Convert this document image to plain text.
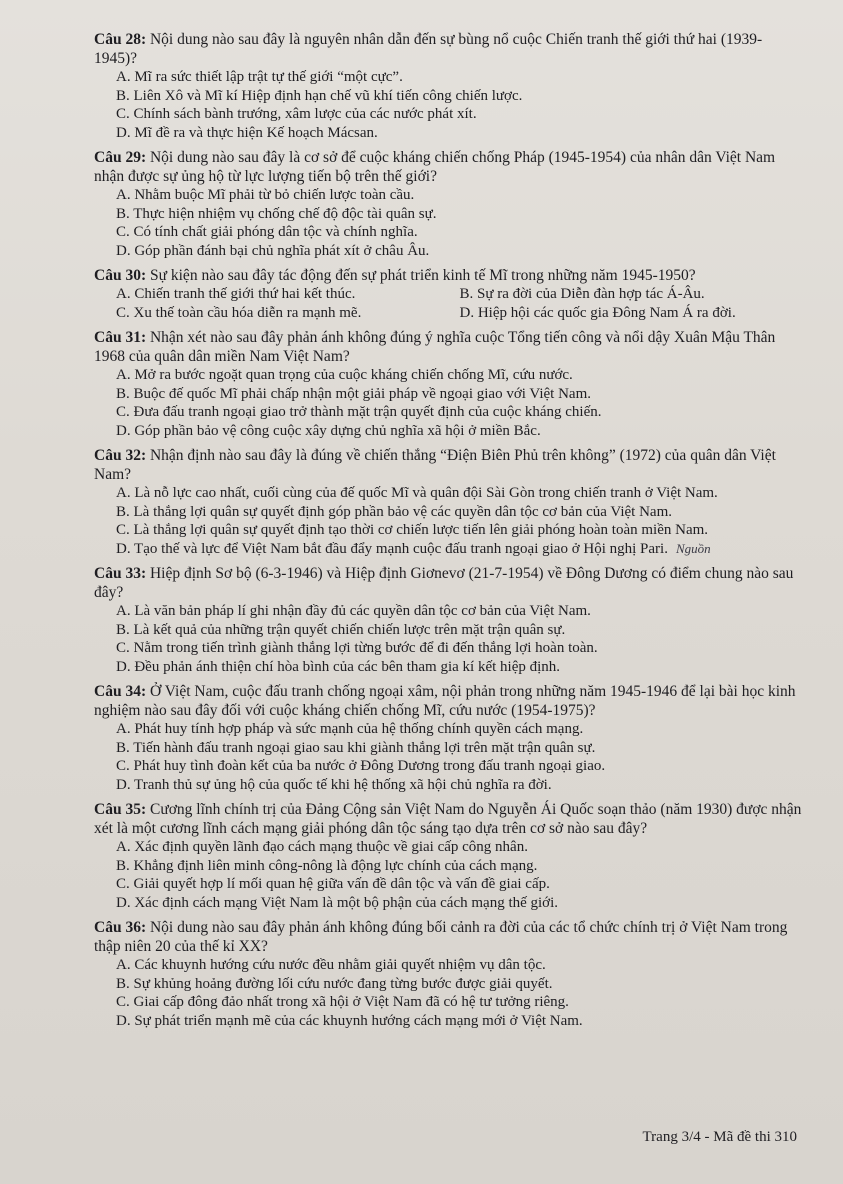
Câu 28: Nội dung nào sau đây là nguyên nhân dẫn đến sự bùng nổ cuộc Chiến tranh thế giới thứ hai (1939-1945)?

A. Mĩ ra sức thiết lập trật tự thế giới “một cực”.

B. Liên Xô và Mĩ kí Hiệp định hạn chế vũ khí tiến công chiến lược.

C. Chính sách bành trướng, xâm lược của các nước phát xít.

D. Mĩ đề ra và thực hiện Kế hoạch Mácsan.

Câu 29: Nội dung nào sau đây là cơ sở để cuộc kháng chiến chống Pháp (1945-1954) của nhân dân Việt Nam nhận được sự ủng hộ từ lực lượng tiến bộ trên thế giới?

A. Nhằm buộc Mĩ phải từ bỏ chiến lược toàn cầu.

B. Thực hiện nhiệm vụ chống chế độ độc tài quân sự.

C. Có tính chất giải phóng dân tộc và chính nghĩa.

D. Góp phần đánh bại chủ nghĩa phát xít ở châu Âu.

Câu 30: Sự kiện nào sau đây tác động đến sự phát triển kinh tế Mĩ trong những năm 1945-1950?

A. Chiến tranh thế giới thứ hai kết thúc.	B. Sự ra đời của Diễn đàn hợp tác Á-Âu.

C. Xu thế toàn cầu hóa diễn ra mạnh mẽ.	D. Hiệp hội các quốc gia Đông Nam Á ra đời.

Câu 31: Nhận xét nào sau đây phản ánh không đúng ý nghĩa cuộc Tổng tiến công và nổi dậy Xuân Mậu Thân 1968 của quân dân miền Nam Việt Nam?

A. Mở ra bước ngoặt quan trọng của cuộc kháng chiến chống Mĩ, cứu nước.

B. Buộc đế quốc Mĩ phải chấp nhận một giải pháp về ngoại giao với Việt Nam.

C. Đưa đấu tranh ngoại giao trở thành mặt trận quyết định của cuộc kháng chiến.

D. Góp phần bảo vệ công cuộc xây dựng chủ nghĩa xã hội ở miền Bắc.

Câu 32: Nhận định nào sau đây là đúng về chiến thắng “Điện Biên Phủ trên không” (1972) của quân dân Việt Nam?

A. Là nỗ lực cao nhất, cuối cùng của đế quốc Mĩ và quân đội Sài Gòn trong chiến tranh ở Việt Nam.

B. Là thắng lợi quân sự quyết định góp phần bảo vệ các quyền dân tộc cơ bản của Việt Nam.

C. Là thắng lợi quân sự quyết định tạo thời cơ chiến lược tiến lên giải phóng hoàn toàn miền Nam.

D. Tạo thế và lực để Việt Nam bắt đầu đẩy mạnh cuộc đấu tranh ngoại giao ở Hội nghị Pari. Nguồn

Câu 33: Hiệp định Sơ bộ (6-3-1946) và Hiệp định Giơnevơ (21-7-1954) về Đông Dương có điểm chung nào sau đây?

A. Là văn bản pháp lí ghi nhận đầy đủ các quyền dân tộc cơ bản của Việt Nam.

B. Là kết quả của những trận quyết chiến chiến lược trên mặt trận quân sự.

C. Nằm trong tiến trình giành thắng lợi từng bước để đi đến thắng lợi hoàn toàn.

D. Đều phản ánh thiện chí hòa bình của các bên tham gia kí kết hiệp định.

Câu 34: Ở Việt Nam, cuộc đấu tranh chống ngoại xâm, nội phản trong những năm 1945-1946 để lại bài học kinh nghiệm nào sau đây đối với cuộc kháng chiến chống Mĩ, cứu nước (1954-1975)?

A. Phát huy tính hợp pháp và sức mạnh của hệ thống chính quyền cách mạng.

B. Tiến hành đấu tranh ngoại giao sau khi giành thắng lợi trên mặt trận quân sự.

C. Phát huy tình đoàn kết của ba nước ở Đông Dương trong đấu tranh ngoại giao.

D. Tranh thủ sự ủng hộ của quốc tế khi hệ thống xã hội chủ nghĩa ra đời.

Câu 35: Cương lĩnh chính trị của Đảng Cộng sản Việt Nam do Nguyễn Ái Quốc soạn thảo (năm 1930) được nhận xét là một cương lĩnh cách mạng giải phóng dân tộc sáng tạo dựa trên cơ sở nào sau đây?

A. Xác định quyền lãnh đạo cách mạng thuộc về giai cấp công nhân.

B. Khẳng định liên minh công-nông là động lực chính của cách mạng.

C. Giải quyết hợp lí mối quan hệ giữa vấn đề dân tộc và vấn đề giai cấp.

D. Xác định cách mạng Việt Nam là một bộ phận của cách mạng thế giới.

Câu 36: Nội dung nào sau đây phản ánh không đúng bối cảnh ra đời của các tổ chức chính trị ở Việt Nam trong thập niên 20 của thế kỉ XX?

A. Các khuynh hướng cứu nước đều nhằm giải quyết nhiệm vụ dân tộc.

B. Sự khủng hoảng đường lối cứu nước đang từng bước được giải quyết.

C. Giai cấp đông đảo nhất trong xã hội ở Việt Nam đã có hệ tư tưởng riêng.

D. Sự phát triển mạnh mẽ của các khuynh hướng cách mạng mới ở Việt Nam.

Trang 3/4 - Mã đề thi 310
